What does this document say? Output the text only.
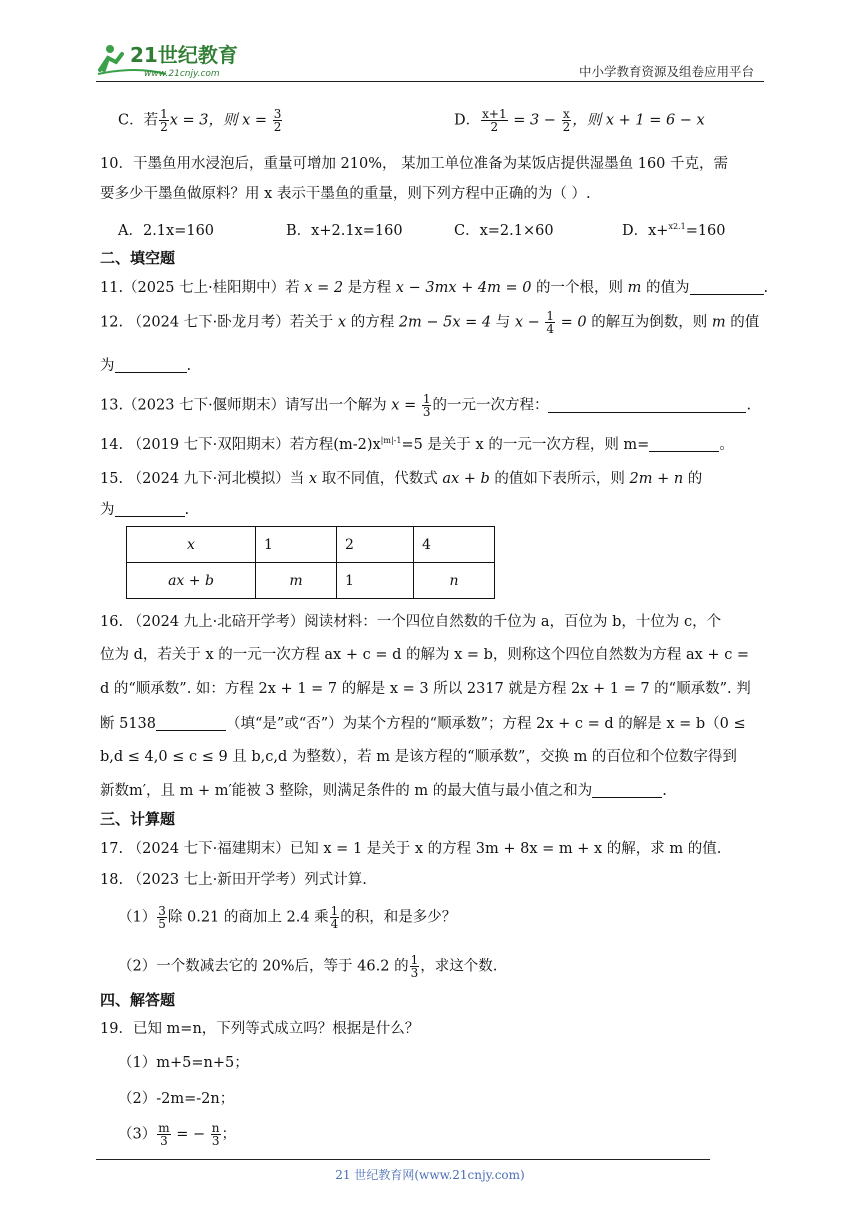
21世纪教育
www.21cnjy.com	中小学教育资源及组卷应用平台
C．若 $\frac{1}{2}$ x = 3，则 $x = \frac{3}{2}$	D． $\frac{x+1}{2} = 3 - \frac{x}{2}$ ，则 x + 1 = 6 − x
10．干墨鱼用水浸泡后，重量可增加 210%， 某加工单位准备为某饭店提供湿墨鱼 160 千克，需
要多少干墨鱼做原料？用 x 表示干墨鱼的重量，则下列方程中正确的为（ ）.
A．2.1x=160	B．x+2.1x=160	C．x=2.1×60	D．x+$^{x2.1}$=160
二、填空题
11.（2025 七上·桂阳期中）若 x = 2 是方程 x − 3mx + 4m = 0 的一个根，则 m 的值为	.
12. （2024 七下·卧龙月考）若关于 x 的方程 2m − 5x = 4 与 $x - \frac{1}{4} = 0$ 的解互为倒数，则 m 的值
为	.
13.（2023 七下·偃师期末）请写出一个解为 $x = \frac{1}{3}$ 的一元一次方程：	.
14. （2019 七下·双阳期末）若方程$(m-2)x^{|m|-1}=5$ 是关于 x 的一元一次方程，则 m=	。
15. （2024 九下·河北模拟）当 x 取不同值，代数式 ax + b 的值如下表所示，则 2m + n 的
为	.
x	1	2	4
ax + b	m	1	n
16. （2024 九上·北碚开学考）阅读材料：一个四位自然数的千位为 a，百位为 b，十位为 c，个
位为 d，若关于 x 的一元一次方程 ax + c = d 的解为 x = b，则称这个四位自然数为方程 ax + c =
d 的“顺承数”. 如：方程 2x + 1 = 7 的解是 x = 3 所以 2317 就是方程 2x + 1 = 7 的“顺承数”. 判
断 5138	（填“是”或“否”）为某个方程的“顺承数”；方程 2x + c = d 的解是 x = b（0 ≤
b,d ≤ 4,0 ≤ c ≤ 9 且 b,c,d 为整数），若 m 是该方程的“顺承数”，交换 m 的百位和个位数字得到
新数m′，且 m + m′能被 3 整除，则满足条件的 m 的最大值与最小值之和为	.
三、计算题
17. （2024 七下·福建期末）已知 x = 1 是关于 x 的方程 3m + 8x = m + x 的解，求 m 的值.
18. （2023 七上·新田开学考）列式计算.
$(1) \frac{3}{5}$ 除 0.21 的商加上 2.4 乘 $\frac{1}{4}$ 的积，和是多少？
（2）一个数减去它的 20%后，等于 46.2 的 $\frac{1}{3}$ ，求这个数.
四、解答题
19．已知 m=n，下列等式成立吗？根据是什么？
（1）m+5=n+5；
（2）-2m=-2n；
$(3) \frac{m}{3}$ = − $\frac{n}{3}$ ；
21 世纪教育网(www.21cnjy.com)
